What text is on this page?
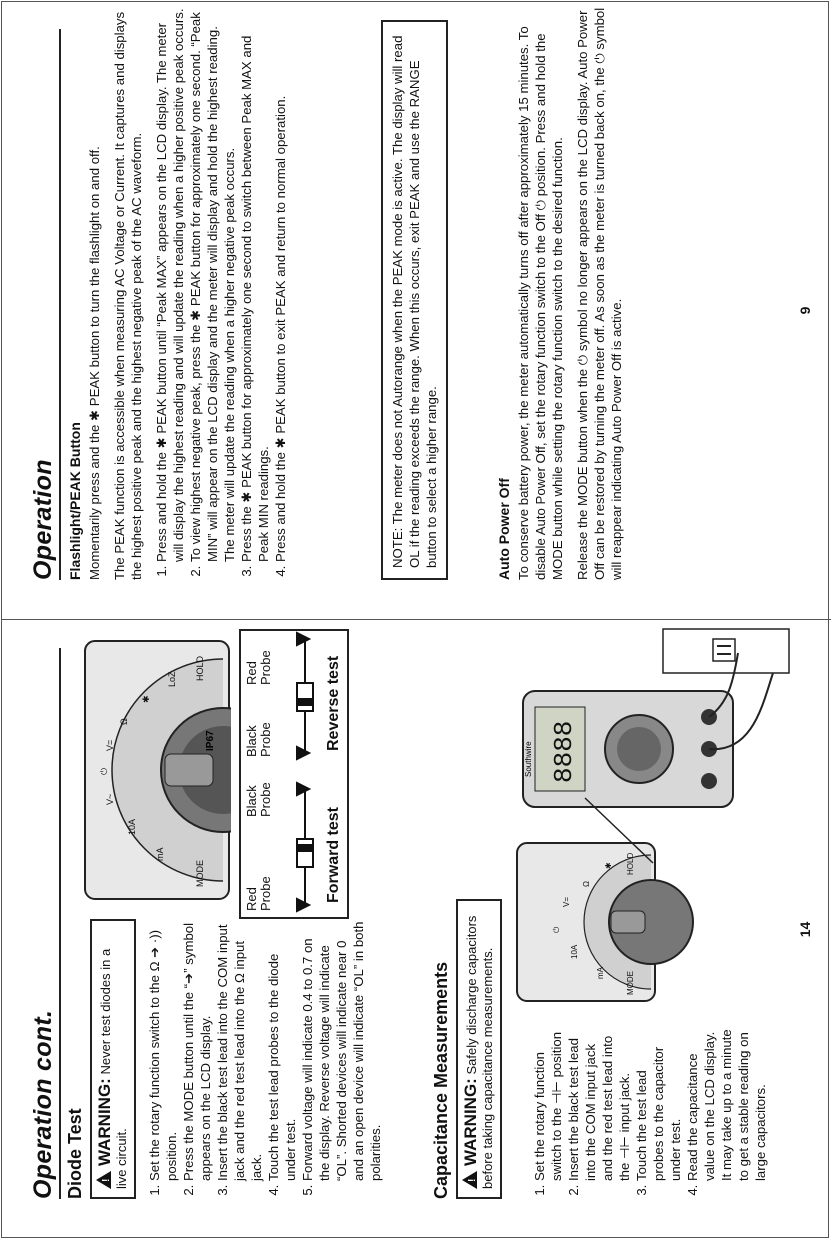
Operation Flashlight/PEAK Button Momentarily press and the ✱ PEAK button to turn the flashlight on and off. The PEAK function is accessible when measuring AC Voltage or Current. It captures and displays the highest positive peak and the highest negative peak of the AC waveform. 1. Press and hold the ✱ PEAK button until “Peak MAX” appears on the LCD display. The meter will display the highest reading and will update the reading when a higher positive peak occurs. 2. To view highest negative peak, press the ✱ PEAK button for approximately one second. “Peak MIN” will appear on the LCD display and the meter will display and hold the highest reading. The meter will update the reading when a higher negative peak occurs. 3. Press the ✱ PEAK button for approximately one second to switch between Peak MAX and Peak MIN readings. 4. Press and hold the ✱ PEAK button to exit PEAK and return to normal operation.	NOTE: The meter does not Autorange when the PEAK mode is active. The display will read OL if the reading exceeds the range. When this occurs, exit PEAK and use the RANGE button to select a higher range.	Auto Power Off To conserve battery power, the meter automatically turns off after approximately 15 minutes. To disable Auto Power Off, set the rotary function switch to the Off ⏻ position. Press and hold the MODE button while setting the rotary function switch to the desired function. Release the MODE button when the ⏻ symbol no longer appears on the LCD display. Auto Power Off can be restored by turning the meter off. As soon as the meter is turned back on, the ⏻ symbol will reappear indicating Auto Power Off is active.	9
Operation cont. Diode Test
! WARNING: Never test diodes in a live circuit.	1. Set the rotary function switch to the Ω ➔ ·)) position. 2. Press the MODE button until the “➔” symbol appears on the LCD display. 3. Insert the black test lead into the COM input jack and the red test lead into the Ω input jack. 4. Touch the test lead probes to the diode under test. 5. Forward voltage will indicate 0.4 to 0.7 on the display. Reverse voltage will indicate “OL”. Shorted devices will indicate near 0 and an open device will indicate “OL” in both polarities.
MODE
HOLD
mA
10A
V~
⏻
V=
Ω
✱
LoZ
IP67
Red Probe
Black Probe
Black Probe
Red Probe
Forward test
Reverse test
Capacitance Measurements
! WARNING: Safely discharge capacitors before taking capacitance measurements.	1. Set the rotary function switch to the ⊣⊢ position 2. Insert the black test lead into the COM input jack and the red test lead into the ⊣⊢ input jack. 3. Touch the test lead probes to the capacitor under test. 4. Read the capacitance value on the LCD display. It may take up to a minute to get a stable reading on large capacitors.
MODE
HOLD
mA
10A
⏻
V=
Ω
✱
8888
Southwire
14
